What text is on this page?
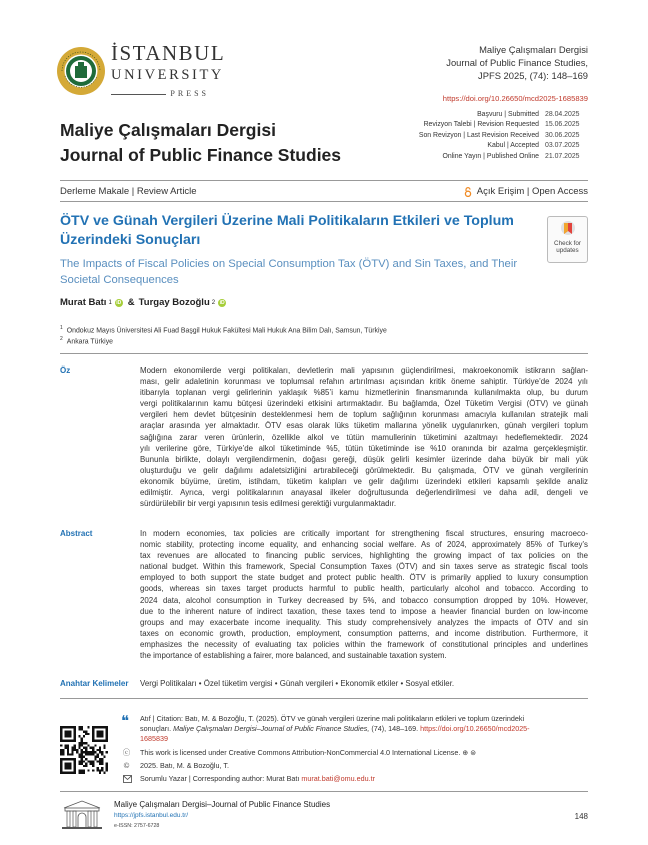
İSTANBUL
UNIVERSITY
PRESS
Maliye Çalışmaları Dergisi
Journal of Public Finance Studies,
JPFS 2025, (74): 148–169
https://doi.org/10.26650/mcd2025-1685839
Başvuru | Submitted 28.04.2025
Revizyon Talebi | Revision Requested 15.06.2025
Son Revizyon | Last Revision Received 30.06.2025
Kabul | Accepted 03.07.2025
Online Yayın | Published Online 21.07.2025
Maliye Çalışmaları Dergisi
Journal of Public Finance Studies
Derleme Makale | Review Article	Açık Erişim | Open Access
ÖTV ve Günah Vergileri Üzerine Mali Politikaların Etkileri ve Toplum Üzerindeki Sonuçları
The Impacts of Fiscal Policies on Special Consumption Tax (ÖTV) and Sin Taxes, and Their Societal Consequences
Check for
updates
Murat Batı 1 iD & Turgay Bozoğlu 2 iD
$^1$ Ondokuz Mayıs Üniversitesi Ali Fuad Başgil Hukuk Fakültesi Mali Hukuk Ana Bilim Dalı, Samsun, Türkiye
$^2$ Ankara Türkiye
Öz	Modern ekonomilerde vergi politikaları, devletlerin mali yapısının güçlendirilmesi, makroekonomik istikrarın sağlan-
ması, gelir adaletinin korunması ve toplumsal refahın artırılması açısından kritik öneme sahiptir. Türkiye’de 2024 yılı
itibarıyla toplanan vergi gelirlerinin yaklaşık %85’i kamu hizmetlerinin finansmanında kullanılmakta olup, bu durum
vergi politikalarının kamu bütçesi üzerindeki etkisini artırmaktadır. Bu bağlamda, Özel Tüketim Vergisi (ÖTV) ve günah
vergileri hem devlet bütçesinin desteklenmesi hem de toplum sağlığının korunması amacıyla kullanılan stratejik mali
araçlar arasında yer almaktadır. ÖTV esas olarak lüks tüketim mallarına yönelik uygulanırken, günah vergileri toplum
sağlığına zarar veren ürünlerin, özellikle alkol ve tütün mamullerinin tüketimini azaltmayı hedeflemektedir. 2024
yılı verilerine göre, Türkiye’de alkol tüketiminde %5, tütün tüketiminde ise %10 oranında bir azalma gerçekleşmiştir.
Bununla birlikte, dolaylı vergilendirmenin, doğası gereği, düşük gelirli kesimler üzerinde daha büyük bir mali yük
oluşturduğu ve gelir dağılımı adaletsizliğini artırabileceği görülmektedir. Bu çalışmada, ÖTV ve günah vergilerinin
ekonomik büyüme, üretim, istihdam, tüketim kalıpları ve gelir dağılımı üzerindeki etkileri kapsamlı şekilde analiz
edilmiştir. Ayrıca, vergi politikalarının anayasal ilkeler doğrultusunda değerlendirilmesi ve daha adil, dengeli ve
sürdürülebilir bir vergi yapısının tesis edilmesi gerektiği vurgulanmaktadır.
Abstract	In modern economies, tax policies are critically important for strengthening fiscal structures, ensuring macroeco-
nomic stability, protecting income equality, and enhancing social welfare. As of 2024, approximately 85% of Turkey’s
tax revenues are allocated to financing public services, highlighting the growing impact of tax policies on the
national budget. Within this framework, Special Consumption Taxes (ÖTV) and sin taxes serve as strategic fiscal tools
employed to both support the state budget and protect public health. ÖTV is primarily applied to luxury consumption
goods, whereas sin taxes target products harmful to public health, particularly alcohol and tobacco. According to
2024 data, alcohol consumption in Turkey decreased by 5%, and tobacco consumption dropped by 10%. However,
due to the inherent nature of indirect taxation, these taxes tend to impose a heavier financial burden on low-income
groups and may exacerbate income inequality. This study comprehensively analyzes the impacts of ÖTV and sin
taxes on economic growth, production, employment, consumption patterns, and income distribution. Furthermore, it
emphasizes the necessity of evaluating tax policies within the framework of constitutional principles and underlines
the importance of establishing a fairer, more balanced, and sustainable taxation system.
Anahtar Kelimeler Vergi Politikaları • Özel tüketim vergisi • Günah vergileri • Ekonomik etkiler • Sosyal etkiler.
❝ Atıf | Citation: Batı, M. & Bozoğlu, T. (2025). ÖTV ve günah vergileri üzerine mali politikaların etkileri ve toplum üzerindeki
sonuçları. Maliye Çalışmaları Dergisi–Journal of Public Finance Studies, (74), 148–169. https://doi.org/10.26650/mcd2025-
1685839
ⓒ This work is licensed under Creative Commons Attribution-NonCommercial 4.0 International License. ⊕ ⊜
© 2025. Batı, M. & Bozoğlu, T.
Sorumlu Yazar | Corresponding author: Murat Batı murat.bati@omu.edu.tr
Maliye Çalışmaları Dergisi–Journal of Public Finance Studies
https://jpfs.istanbul.edu.tr/
e-ISSN: 2757-6728
148
